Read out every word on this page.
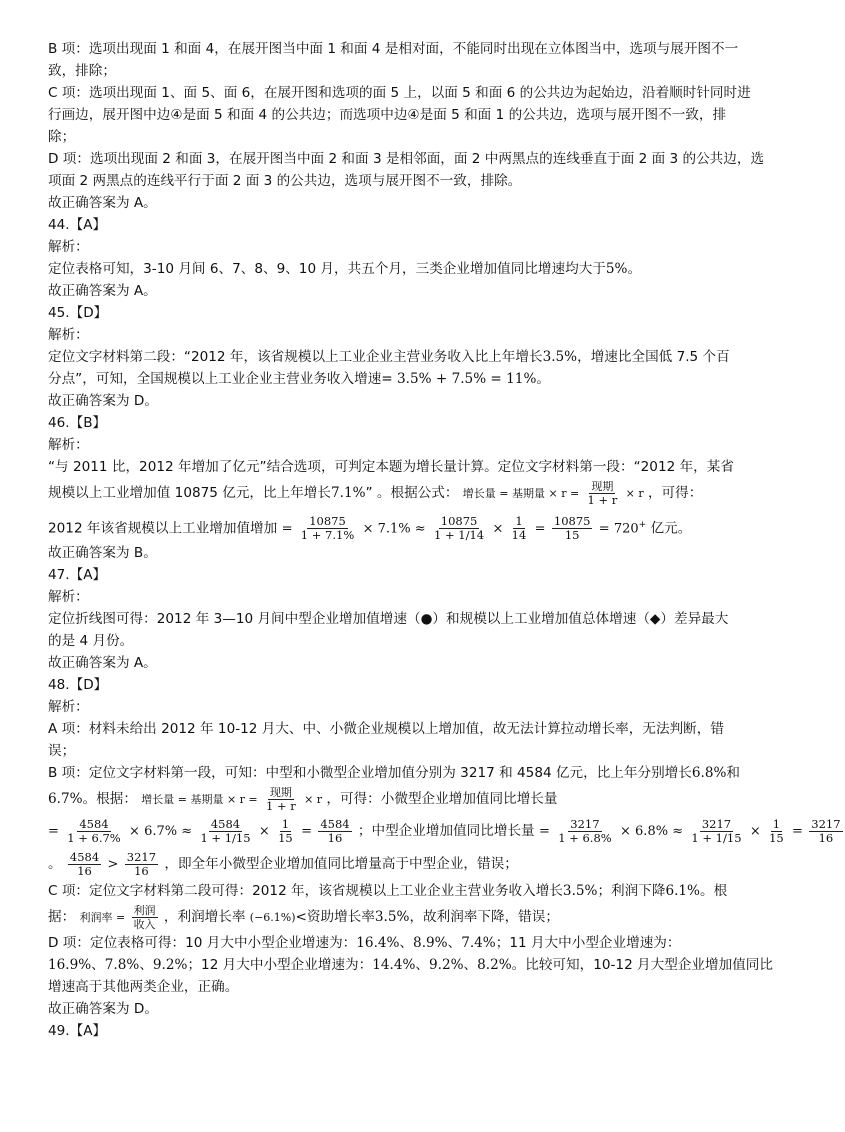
B 项：选项出现面 1 和面 4，在展开图当中面 1 和面 4 是相对面，不能同时出现在立体图当中，选项与展开图不一
致，排除；
C 项：选项出现面 1、面 5、面 6，在展开图和选项的面 5 上，以面 5 和面 6 的公共边为起始边，沿着顺时针同时进
行画边，展开图中边④是面 5 和面 4 的公共边；而选项中边④是面 5 和面 1 的公共边，选项与展开图不一致，排
除；
D 项：选项出现面 2 和面 3，在展开图当中面 2 和面 3 是相邻面，面 2 中两黑点的连线垂直于面 2 面 3 的公共边，选
项面 2 两黑点的连线平行于面 2 面 3 的公共边，选项与展开图不一致，排除。
故正确答案为 A。
44.【A】
解析：
定位表格可知，3-10 月间 6、7、8、9、10 月，共五个月，三类企业增加值同比增速均大于5%。
故正确答案为 A。
45.【D】
解析：
定位文字材料第二段：“2012 年，该省规模以上工业企业主营业务收入比上年增长3.5%，增速比全国低 7.5 个百
分点”，可知，全国规模以上工业企业主营业务收入增速= 3.5% + 7.5% = 11%。
故正确答案为 D。
46.【B】
解析：
“与 2011 比，2012 年增加了亿元”结合选项，可判定本题为增长量计算。定位文字材料第一段：“2012 年，某省
规模以上工业增加值 10875 亿元，比上年增长7.1%” 。根据公式： 增长量 = 基期量 × $r = \frac{\text{现期}}{1 + r} \times r$ ，可得：
2012 年该省规模以上工业增加值增加 = $\frac{10875}{1 + 7.1\%} \times 7.1\% \approx \frac{10875}{1 + 1/14} \times \frac{1}{14} = \frac{10875}{15} = 720^+$ 亿元。
故正确答案为 B。
47.【A】
解析：
定位折线图可得：2012 年 3—10 月间中型企业增加值增速（●）和规模以上工业增加值总体增速（◆）差异最大
的是 4 月份。
故正确答案为 A。
48.【D】
解析：
A 项：材料未给出 2012 年 10-12 月大、中、小微企业规模以上增加值，故无法计算拉动增长率，无法判断，错
误；
B 项：定位文字材料第一段，可知：中型和小微型企业增加值分别为 3217 和 4584 亿元，比上年分别增长6.8%和
6.7%。根据： 增长量 = 基期量 × $r = \frac{\text{现期}}{1 + r} \times r$ ，可得：小微型企业增加值同比增长量
= $\frac{4584}{1 + 6.7\%} \times 6.7\% \approx \frac{4584}{1 + 1/15} \times \frac{1}{15} = \frac{4584}{16}$ ；中型企业增加值同比增长量 = $\frac{3217}{1 + 6.8\%} \times 6.8\% \approx \frac{3217}{1 + 1/15} \times \frac{1}{15} = \frac{3217}{16}$
。 $\frac{4584}{16} > \frac{3217}{16}$ ，即全年小微型企业增加值同比增量高于中型企业，错误；
C 项：定位文字材料第二段可得：2012 年，该省规模以上工业企业主营业务收入增长3.5%；利润下降6.1%。根
据： 利润率 = $\frac{\text{利润}}{\text{收入}}$ ，利润增长率 (−6.1%)<资助增长率3.5%，故利润率下降，错误；
D 项：定位表格可得：10 月大中小型企业增速为：16.4%、8.9%、7.4%；11 月大中小型企业增速为：
16.9%、7.8%、9.2%；12 月大中小型企业增速为：14.4%、9.2%、8.2%。比较可知，10-12 月大型企业增加值同比
增速高于其他两类企业，正确。
故正确答案为 D。
49.【A】
